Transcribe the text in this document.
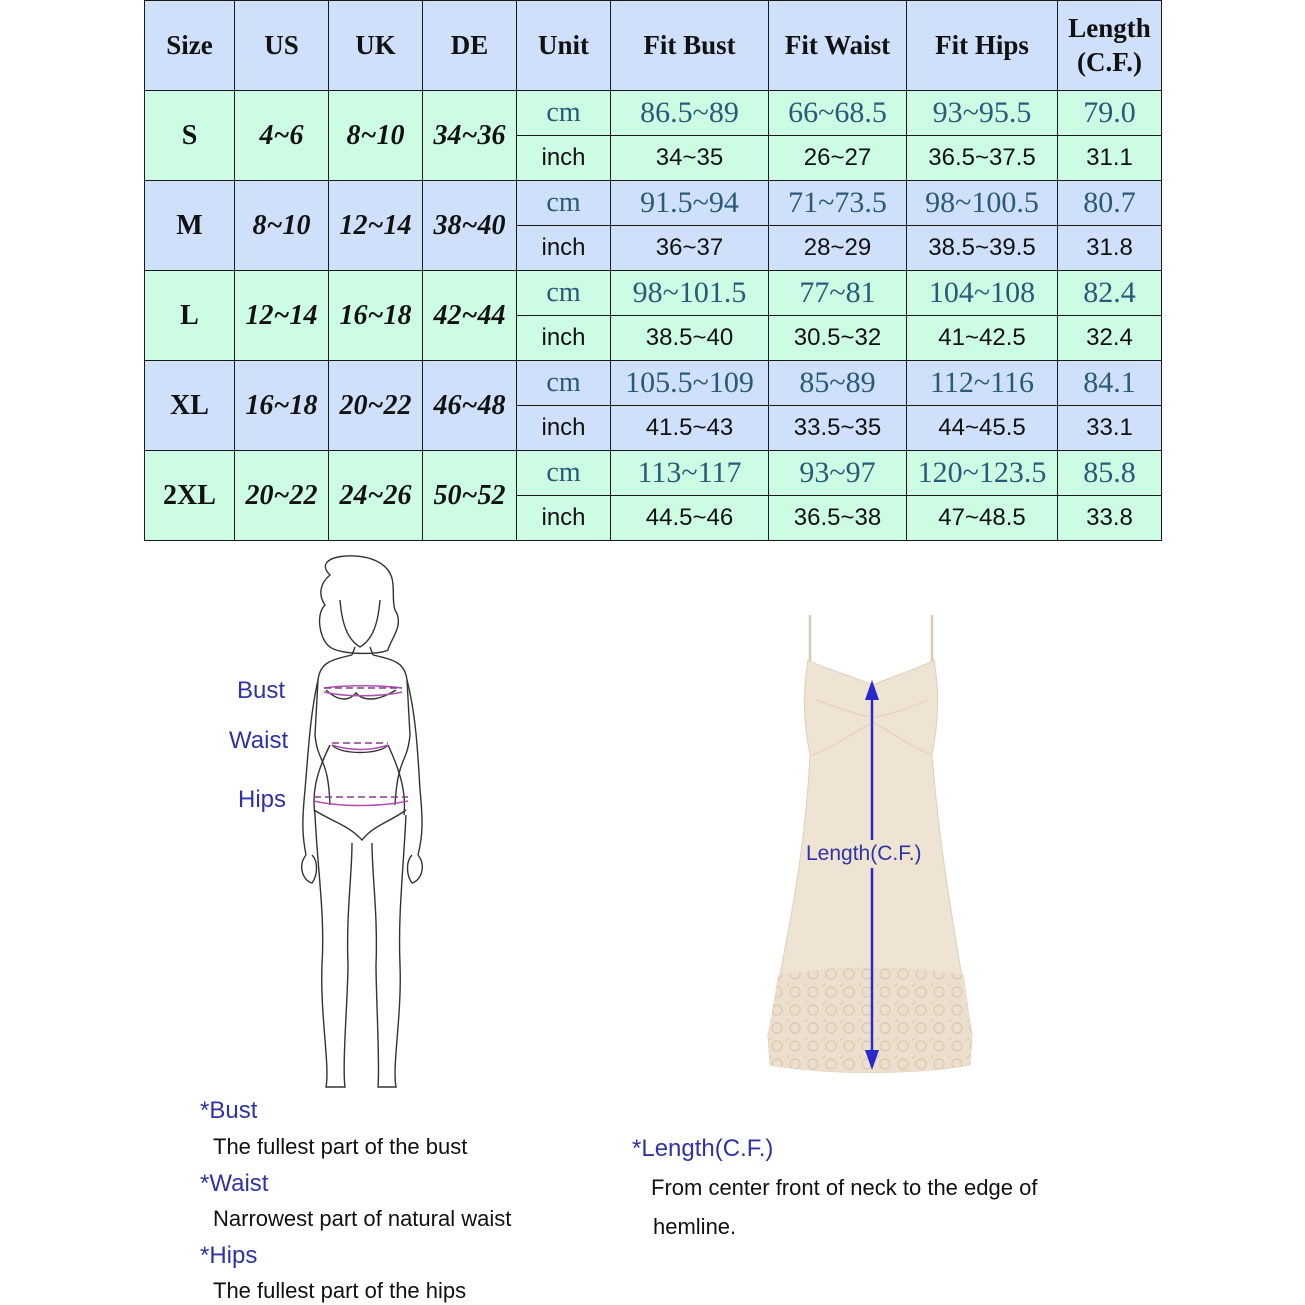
Size	US	UK	DE	Unit	Fit Bust	Fit Waist	Fit Hips	Length
(C.F.)
S	4~6	8~10	34~36	cm	86.5~89	66~68.5	93~95.5	79.0
				inch	34~35	26~27	36.5~37.5	31.1
M	8~10	12~14	38~40	cm	91.5~94	71~73.5	98~100.5	80.7
				inch	36~37	28~29	38.5~39.5	31.8
L	12~14	16~18	42~44	cm	98~101.5	77~81	104~108	82.4
				inch	38.5~40	30.5~32	41~42.5	32.4
XL	16~18	20~22	46~48	cm	105.5~109	85~89	112~116	84.1
				inch	41.5~43	33.5~35	44~45.5	33.1
2XL	20~22	24~26	50~52	cm	113~117	93~97	120~123.5	85.8
				inch	44.5~46	36.5~38	47~48.5	33.8
Bust
Waist
Hips
Length(C.F.)
*Bust
The fullest part of the bust
*Waist
Narrowest part of natural waist
*Hips
The fullest part of the hips
*Length(C.F.)
From center front of neck to the edge of
hemline.
